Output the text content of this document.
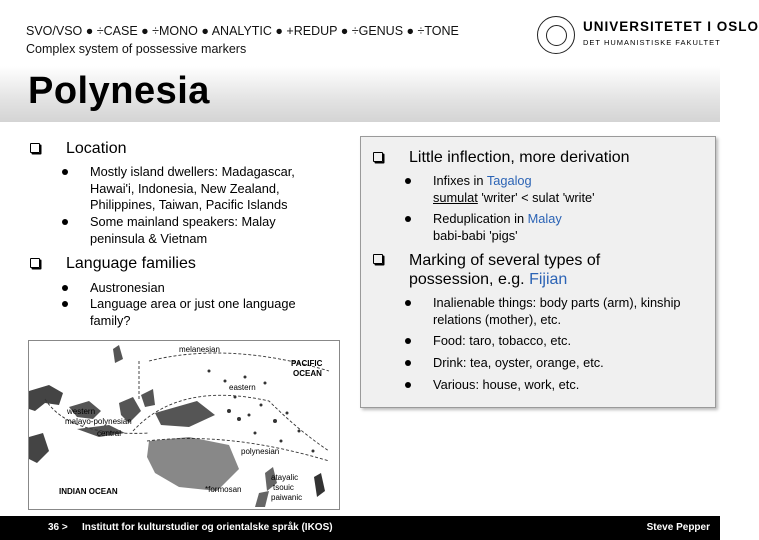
SVO/VSO ● ÷CASE ● ÷MONO ● ANALYTIC ● +REDUP ● ÷GENUS ● ÷TONE
Complex system of possessive markers
UNIVERSITETET I OSLO
DET HUMANISTISKE FAKULTET
Polynesia
Location
Mostly island dwellers: Madagascar, Hawai'i, Indonesia, New Zealand, Philippines, Taiwan, Pacific Islands
Some mainland speakers: Malay peninsula & Vietnam
Language families
Austronesian
Language area or just one language family?
melanesian
PACIFIC
OCEAN
eastern
western
malayo-polynesian
central
polynesian
INDIAN OCEAN	*formosan
atayalic
tsouic
paiwanic
Little inflection, more derivation
Infixes in Tagalog
sumulat 'writer' < sulat 'write'
Reduplication in Malay
babi-babi 'pigs'
Marking of several types of possession, e.g. Fijian
Inalienable things: body parts (arm), kinship relations (mother), etc.
Food: taro, tobacco, etc.
Drink: tea, oyster, orange, etc.
Various: house, work, etc.
36 > Institutt for kulturstudier og orientalske språk (IKOS)	Steve Pepper
